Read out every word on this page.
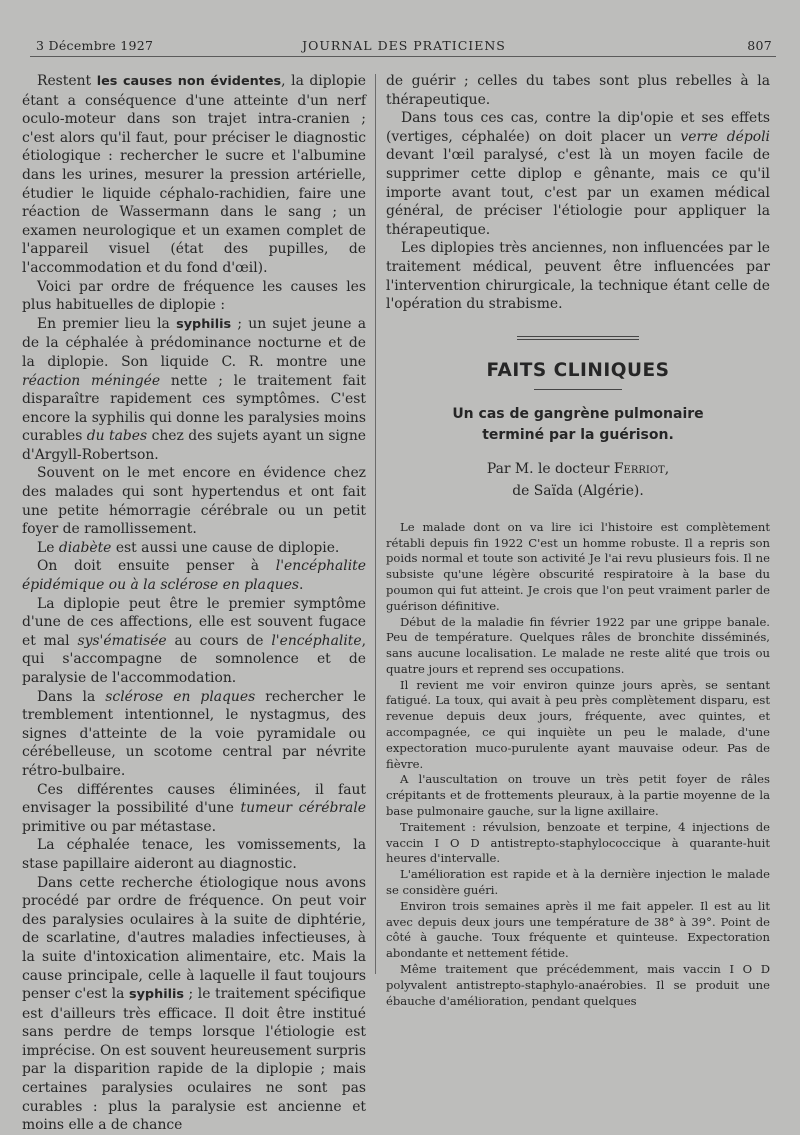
3 Décembre 1927	JOURNAL DES PRATICIENS	807

Restent les causes non évidentes, la diplopie étant a conséquence d'une atteinte d'un nerf oculo-moteur dans son trajet intra-cranien ; c'est alors qu'il faut, pour préciser le diagnostic étiologique : rechercher le sucre et l'albumine dans les urines, mesurer la pression artérielle, étudier le liquide céphalo-rachidien, faire une réaction de Wassermann dans le sang ; un examen neurologique et un examen complet de l'appareil visuel (état des pupilles, de l'accommodation et du fond d'œil).

Voici par ordre de fréquence les causes les plus habituelles de diplopie :

En premier lieu la syphilis ; un sujet jeune a de la céphalée à prédominance nocturne et de la diplopie. Son liquide C. R. montre une réaction méningée nette ; le traitement fait disparaître rapidement ces symptômes. C'est encore la syphilis qui donne les paralysies moins curables du tabes chez des sujets ayant un signe d'Argyll-Robertson.

Souvent on le met encore en évidence chez des malades qui sont hypertendus et ont fait une petite hémorragie cérébrale ou un petit foyer de ramollissement.

Le diabète est aussi une cause de diplopie.

On doit ensuite penser à l'encéphalite épidémique ou à la sclérose en plaques.

La diplopie peut être le premier symptôme d'une de ces affections, elle est souvent fugace et mal sys'ématisée au cours de l'encéphalite, qui s'accompagne de somnolence et de paralysie de l'accommodation.

Dans la sclérose en plaques rechercher le tremblement intentionnel, le nystagmus, des signes d'atteinte de la voie pyramidale ou cérébelleuse, un scotome central par névrite rétro-bulbaire.

Ces différentes causes éliminées, il faut envisager la possibilité d'une tumeur cérébrale primitive ou par métastase.

La céphalée tenace, les vomissements, la stase papillaire aideront au diagnostic.

Dans cette recherche étiologique nous avons procédé par ordre de fréquence. On peut voir des paralysies oculaires à la suite de diphtérie, de scarlatine, d'autres maladies infectieuses, à la suite d'intoxication alimentaire, etc. Mais la cause principale, celle à laquelle il faut toujours penser c'est la syphilis ; le traitement spécifique est d'ailleurs très efficace. Il doit être institué sans perdre de temps lorsque l'étiologie est imprécise. On est souvent heureusement surpris par la disparition rapide de la diplopie ; mais certaines paralysies oculaires ne sont pas curables : plus la paralysie est ancienne et moins elle a de chance

de guérir ; celles du tabes sont plus rebelles à la thérapeutique.

Dans tous ces cas, contre la dip'opie et ses effets (vertiges, céphalée) on doit placer un verre dépoli devant l'œil paralysé, c'est là un moyen facile de supprimer cette diplop e gênante, mais ce qu'il importe avant tout, c'est par un examen médical général, de préciser l'étiologie pour appliquer la thérapeutique.

Les diplopies très anciennes, non influencées par le traitement médical, peuvent être influencées par l'intervention chirurgicale, la technique étant celle de l'opération du strabisme.

FAITS CLINIQUES
Un cas de gangrène pulmonaire
terminé par la guérison.
Par M. le docteur Ferriot,
de Saïda (Algérie).

Le malade dont on va lire ici l'histoire est complètement rétabli depuis fin 1922 C'est un homme robuste. Il a repris son poids normal et toute son activité Je l'ai revu plusieurs fois. Il ne subsiste qu'une légère obscurité respiratoire à la base du poumon qui fut atteint. Je crois que l'on peut vraiment parler de guérison définitive.

Début de la maladie fin février 1922 par une grippe banale. Peu de température. Quelques râles de bronchite disséminés, sans aucune localisation. Le malade ne reste alité que trois ou quatre jours et reprend ses occupations.

Il revient me voir environ quinze jours après, se sentant fatigué. La toux, qui avait à peu près complètement disparu, est revenue depuis deux jours, fréquente, avec quintes, et accompagnée, ce qui inquiète un peu le malade, d'une expectoration muco-purulente ayant mauvaise odeur. Pas de fièvre.

A l'auscultation on trouve un très petit foyer de râles crépitants et de frottements pleuraux, à la partie moyenne de la base pulmonaire gauche, sur la ligne axillaire.

Traitement : révulsion, benzoate et terpine, 4 injections de vaccin I O D antistrepto-staphylococcique à quarante-huit heures d'intervalle.

L'amélioration est rapide et à la dernière injection le malade se considère guéri.

Environ trois semaines après il me fait appeler. Il est au lit avec depuis deux jours une température de 38° à 39°. Point de côté à gauche. Toux fréquente et quinteuse. Expectoration abondante et nettement fétide.

Même traitement que précédemment, mais vaccin I O D polyvalent antistrepto-staphylo-anaérobies. Il se produit une ébauche d'amélioration, pendant quelques
